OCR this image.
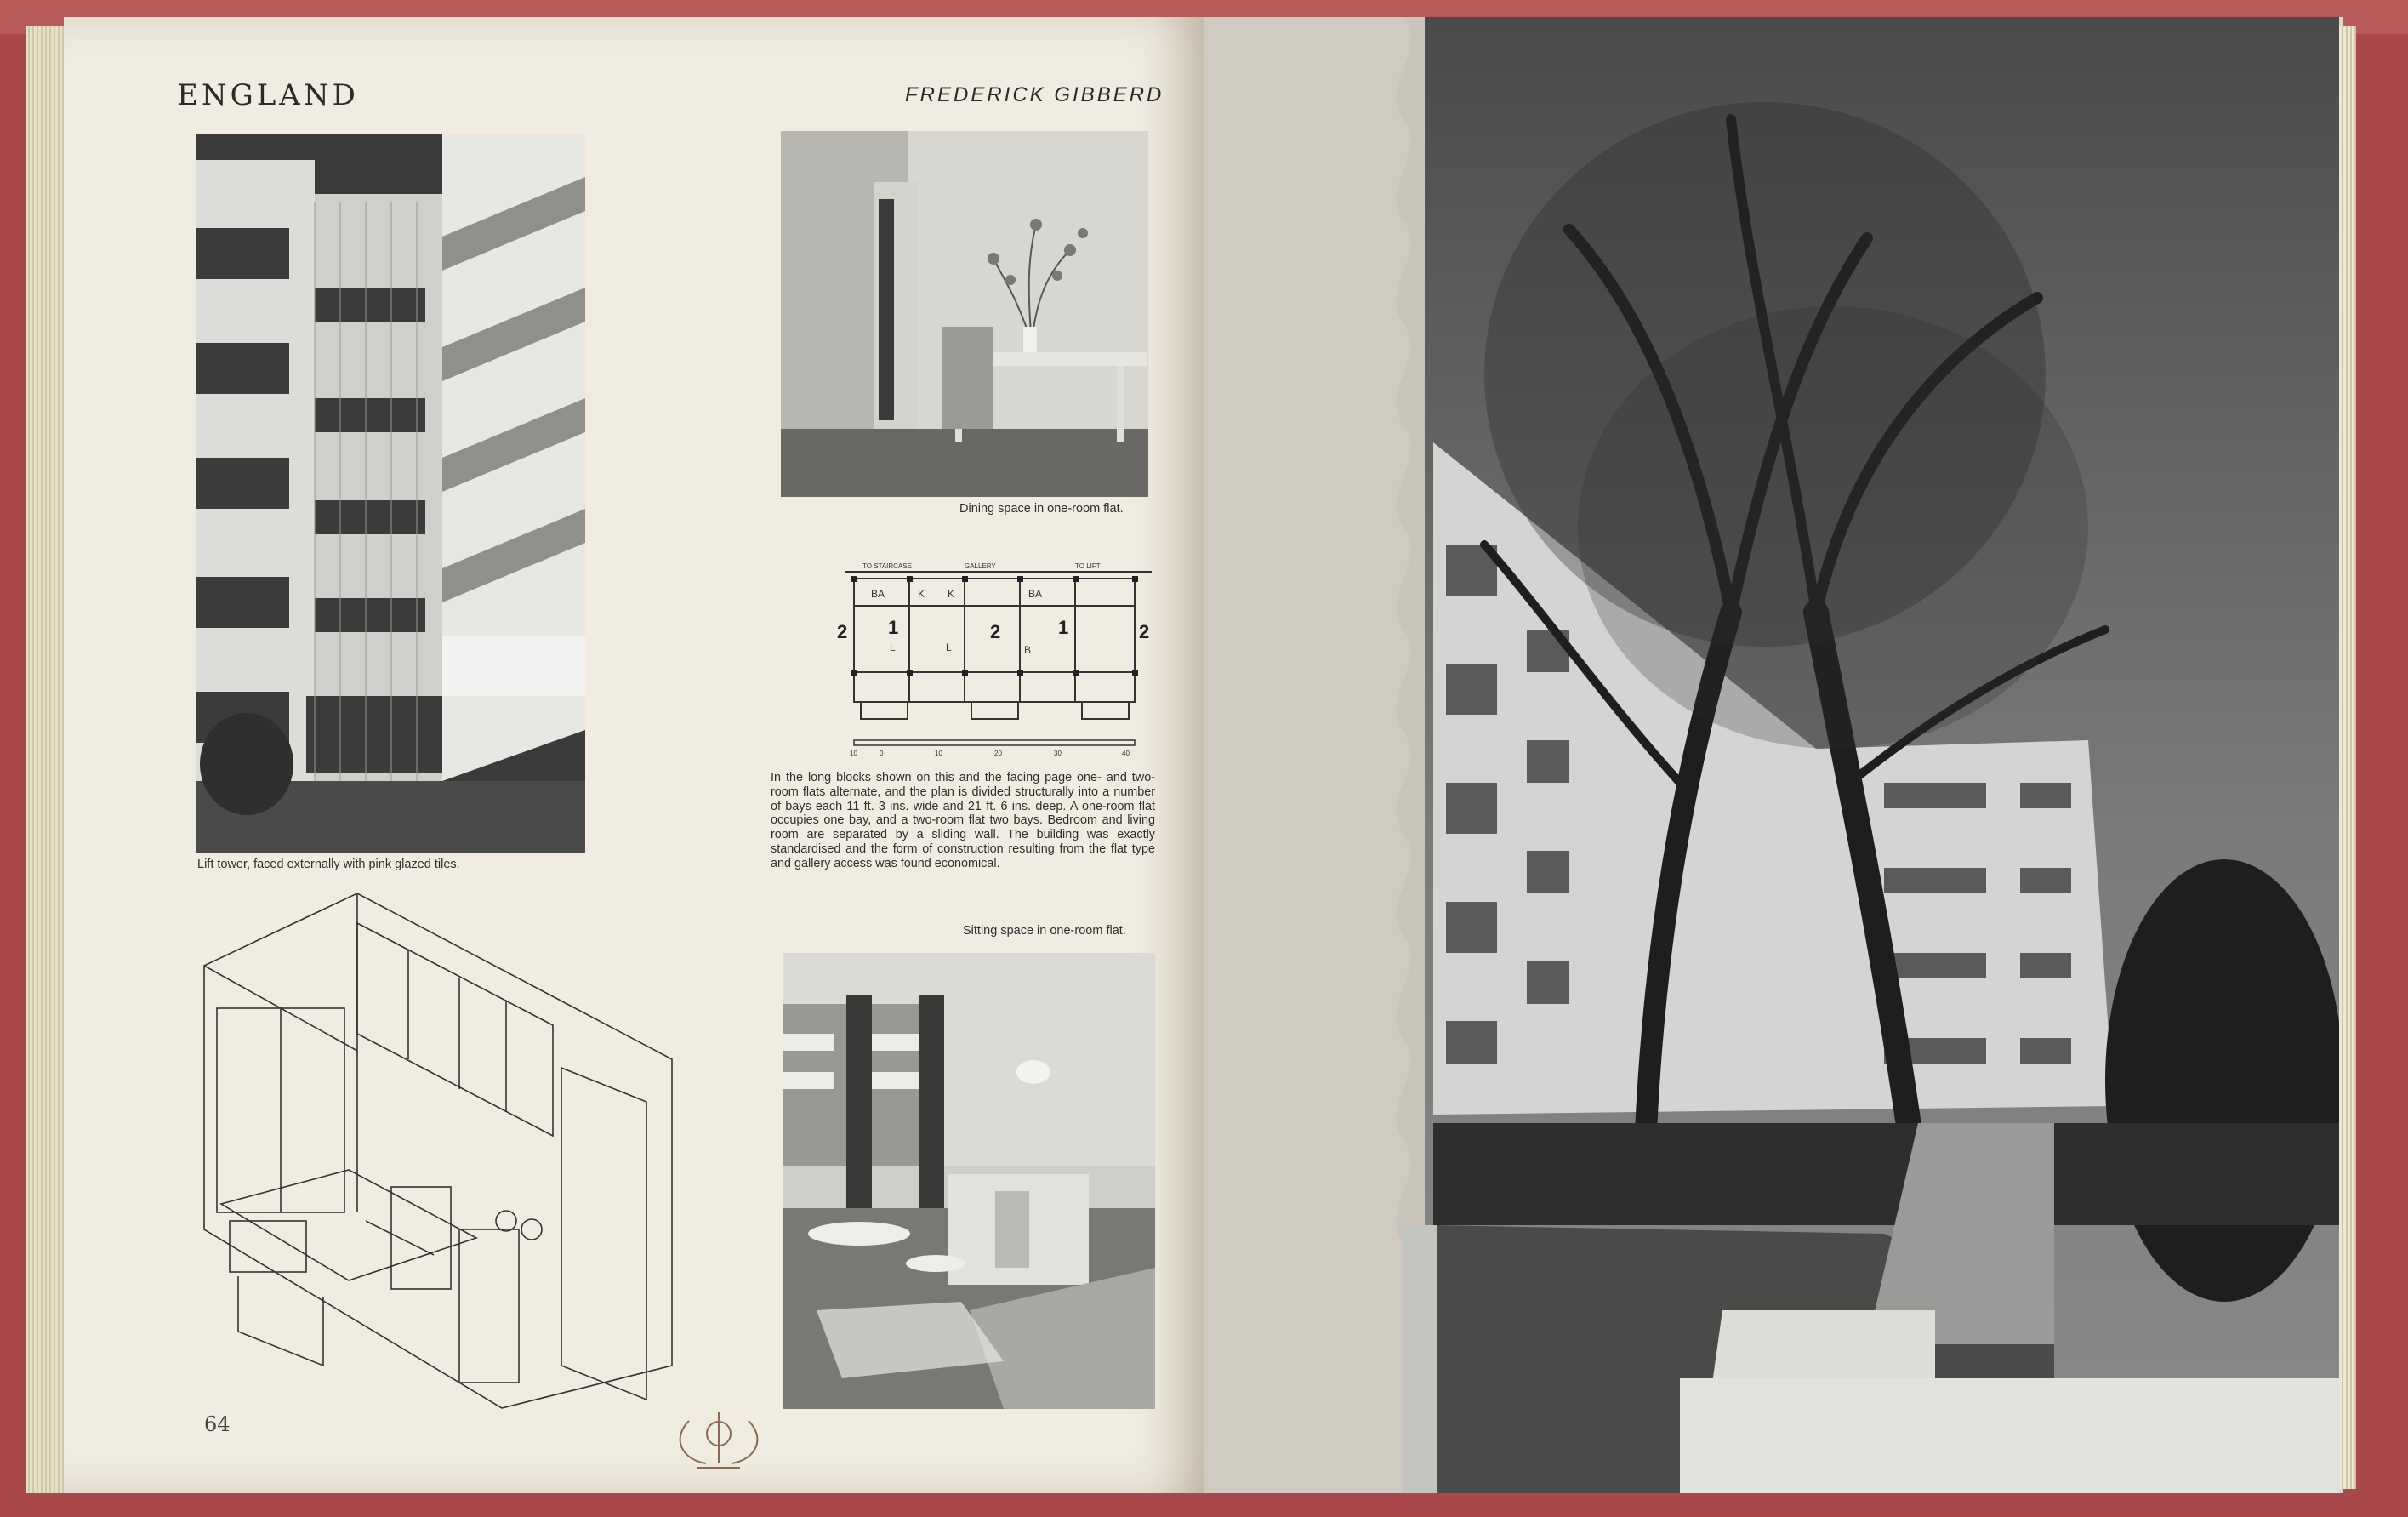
ENGLAND	FREDERICK GIBBERD
Lift tower, faced externally with pink glazed tiles.
Dining space in one-room flat.
TO STAIRCASE	GALLERY	TO LIFT
BA	K K	BA
L	L	B
2 1	2	1	2
10	0	10	20	30	40
In the long blocks shown on this and the facing page one- and two-room flats alternate, and the plan is divided structurally into a number of bays each 11 ft. 3 ins. wide and 21 ft. 6 ins. deep. A one-room flat occupies one bay, and a two-room flat two bays. Bedroom and living room are separated by a sliding wall. The building was exactly standardised and the form of construction resulting from the flat type and gallery access was found economical.
Sitting space in one-room flat.
64
